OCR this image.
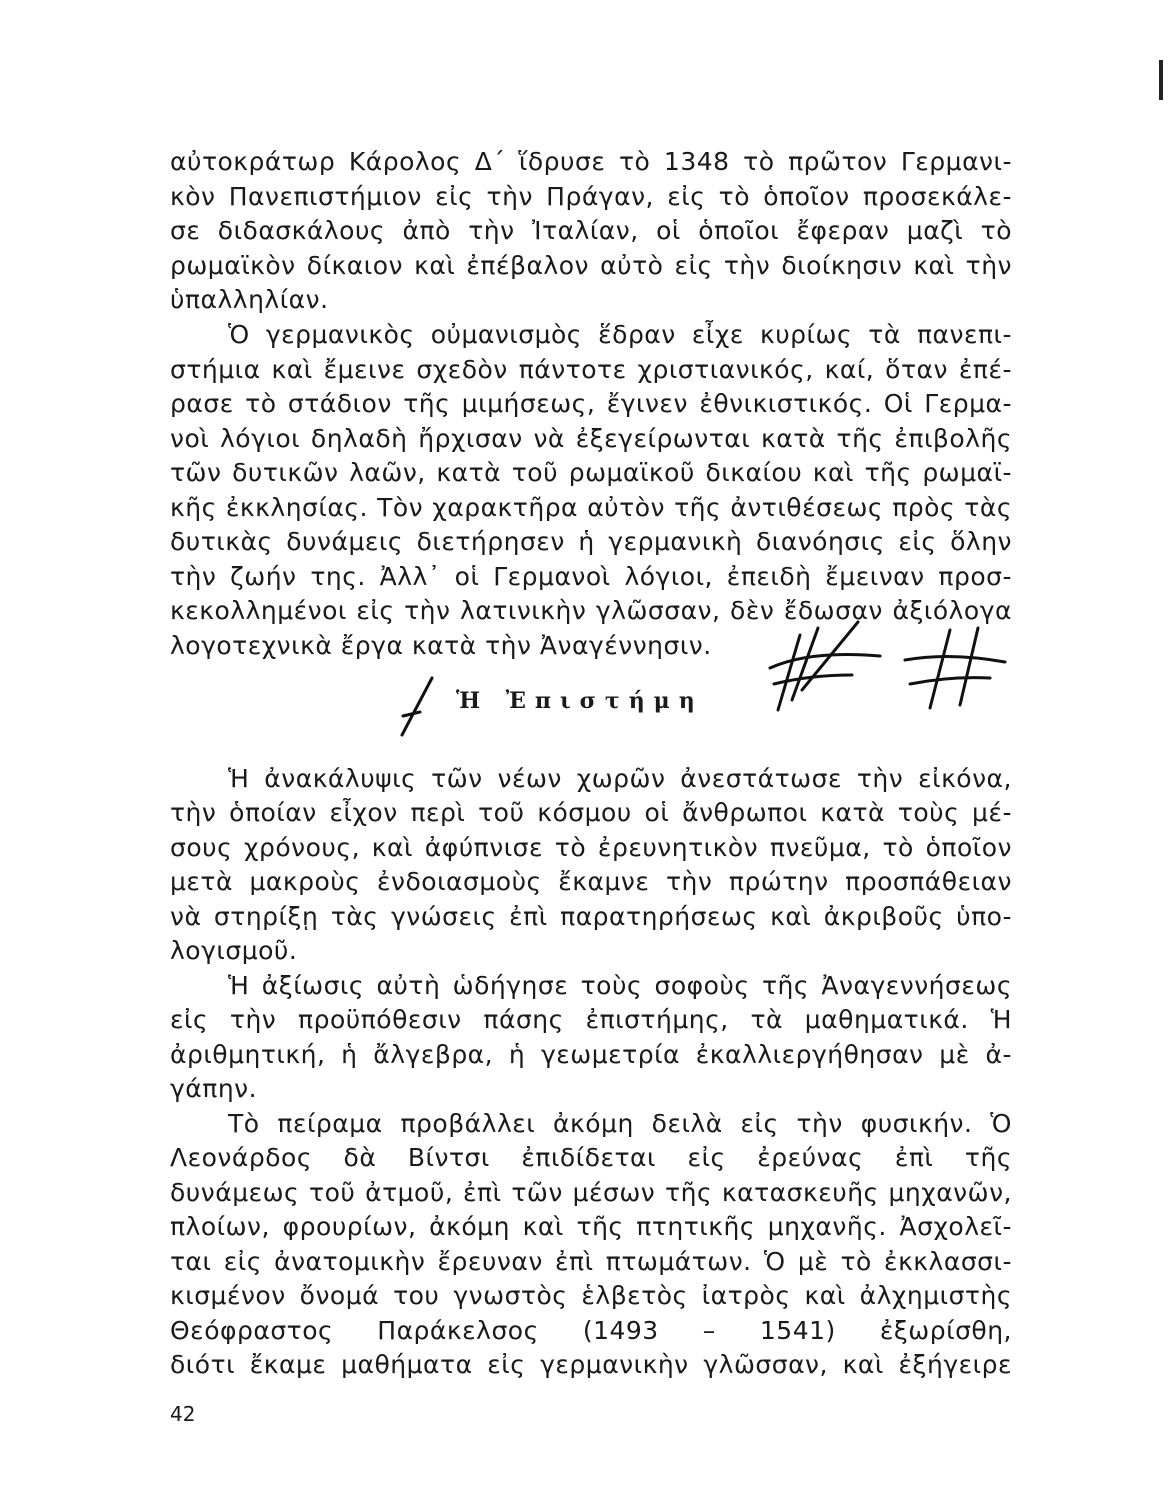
αὐτοκράτωρ Κάρολος Δ΄ ἵδρυσε τὸ 1348 τὸ πρῶτον Γερμανι-
κὸν Πανεπιστήμιον εἰς τὴν Πράγαν, εἰς τὸ ὁποῖον προσεκάλε-
σε διδασκάλους ἀπὸ τὴν Ἰταλίαν, οἱ ὁποῖοι ἔφεραν μαζὶ τὸ
ρωμαϊκὸν δίκαιον καὶ ἐπέβαλον αὐτὸ εἰς τὴν διοίκησιν καὶ τὴν
ὑπαλληλίαν.
Ὁ γερμανικὸς οὐμανισμὸς ἕδραν εἶχε κυρίως τὰ πανεπι-
στήμια καὶ ἔμεινε σχεδὸν πάντοτε χριστιανικός, καί, ὅταν ἐπέ-
ρασε τὸ στάδιον τῆς μιμήσεως, ἔγινεν ἐθνικιστικός. Οἱ Γερμα-
νοὶ λόγιοι δηλαδὴ ἤρχισαν νὰ ἐξεγείρωνται κατὰ τῆς ἐπιβολῆς
τῶν δυτικῶν λαῶν, κατὰ τοῦ ρωμαϊκοῦ δικαίου καὶ τῆς ρωμαϊ-
κῆς ἐκκλησίας. Τὸν χαρακτῆρα αὐτὸν τῆς ἀντιθέσεως πρὸς τὰς
δυτικὰς δυνάμεις διετήρησεν ἡ γερμανικὴ διανόησις εἰς ὅλην
τὴν ζωήν της. Ἀλλ᾽ οἱ Γερμανοὶ λόγιοι, ἐπειδὴ ἔμειναν προσ-
κεκολλημένοι εἰς τὴν λατινικὴν γλῶσσαν, δὲν ἔδωσαν ἀξιόλογα
λογοτεχνικὰ ἔργα κατὰ τὴν Ἀναγέννησιν.
Ἡ Ἐπιστήμη
Ἡ ἀνακάλυψις τῶν νέων χωρῶν ἀνεστάτωσε τὴν εἰκόνα,
τὴν ὁποίαν εἶχον περὶ τοῦ κόσμου οἱ ἄνθρωποι κατὰ τοὺς μέ-
σους χρόνους, καὶ ἀφύπνισε τὸ ἐρευνητικὸν πνεῦμα, τὸ ὁποῖον
μετὰ μακροὺς ἐνδοιασμοὺς ἔκαμνε τὴν πρώτην προσπάθειαν
νὰ στηρίξῃ τὰς γνώσεις ἐπὶ παρατηρήσεως καὶ ἀκριβοῦς ὑπο-
λογισμοῦ.
Ἡ ἀξίωσις αὐτὴ ὡδήγησε τοὺς σοφοὺς τῆς Ἀναγεννήσεως
εἰς τὴν προϋπόθεσιν πάσης ἐπιστήμης, τὰ μαθηματικά. Ἡ
ἀριθμητική, ἡ ἄλγεβρα, ἡ γεωμετρία ἐκαλλιεργήθησαν μὲ ἀ-
γάπην.
Τὸ πείραμα προβάλλει ἀκόμη δειλὰ εἰς τὴν φυσικήν. Ὁ
Λεονάρδος δὰ Βίντσι ἐπιδίδεται εἰς ἐρεύνας ἐπὶ τῆς
δυνάμεως τοῦ ἀτμοῦ, ἐπὶ τῶν μέσων τῆς κατασκευῆς μηχανῶν,
πλοίων, φρουρίων, ἀκόμη καὶ τῆς πτητικῆς μηχανῆς. Ἀσχολεῖ-
ται εἰς ἀνατομικὴν ἔρευναν ἐπὶ πτωμάτων. Ὁ μὲ τὸ ἐκκλασσι-
κισμένον ὄνομά του γνωστὸς ἑλβετὸς ἰατρὸς καὶ ἀλχημιστὴς
Θεόφραστος Παράκελσος (1493 – 1541) ἐξωρίσθη,
διότι ἔκαμε μαθήματα εἰς γερμανικὴν γλῶσσαν, καὶ ἐξήγειρε
42
